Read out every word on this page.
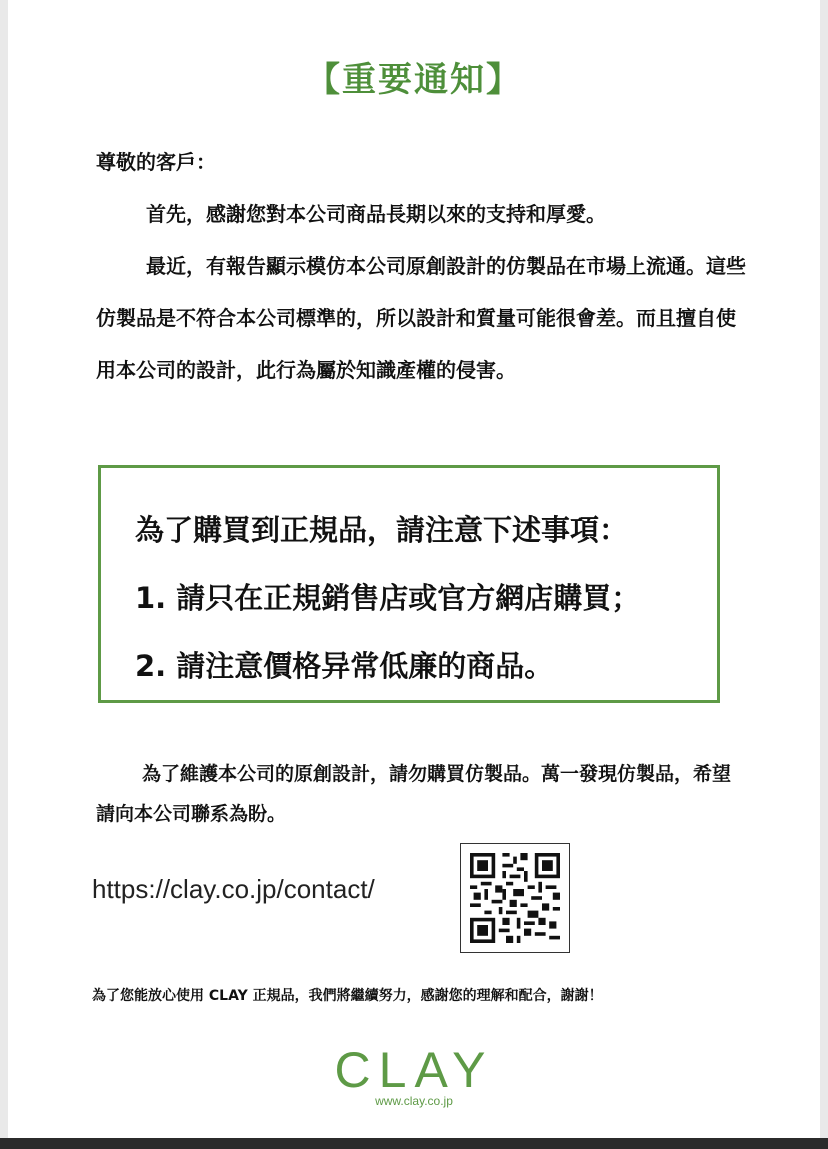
【重要通知】
尊敬的客戶：
首先，感謝您對本公司商品長期以來的支持和厚愛。
最近，有報告顯示模仿本公司原創設計的仿製品在市場上流通。這些仿製品是不符合本公司標準的，所以設計和質量可能很會差。而且擅自使用本公司的設計，此行為屬於知識產權的侵害。
為了購買到正規品，請注意下述事項：
1. 請只在正規銷售店或官方網店購買；
2. 請注意價格异常低廉的商品。
為了維護本公司的原創設計，請勿購買仿製品。萬一發現仿製品，希望請向本公司聯系為盼。
https://clay.co.jp/contact/
為了您能放心使用 CLAY 正規品，我們將繼續努力，感謝您的理解和配合，謝謝！
CLAY
www.clay.co.jp
